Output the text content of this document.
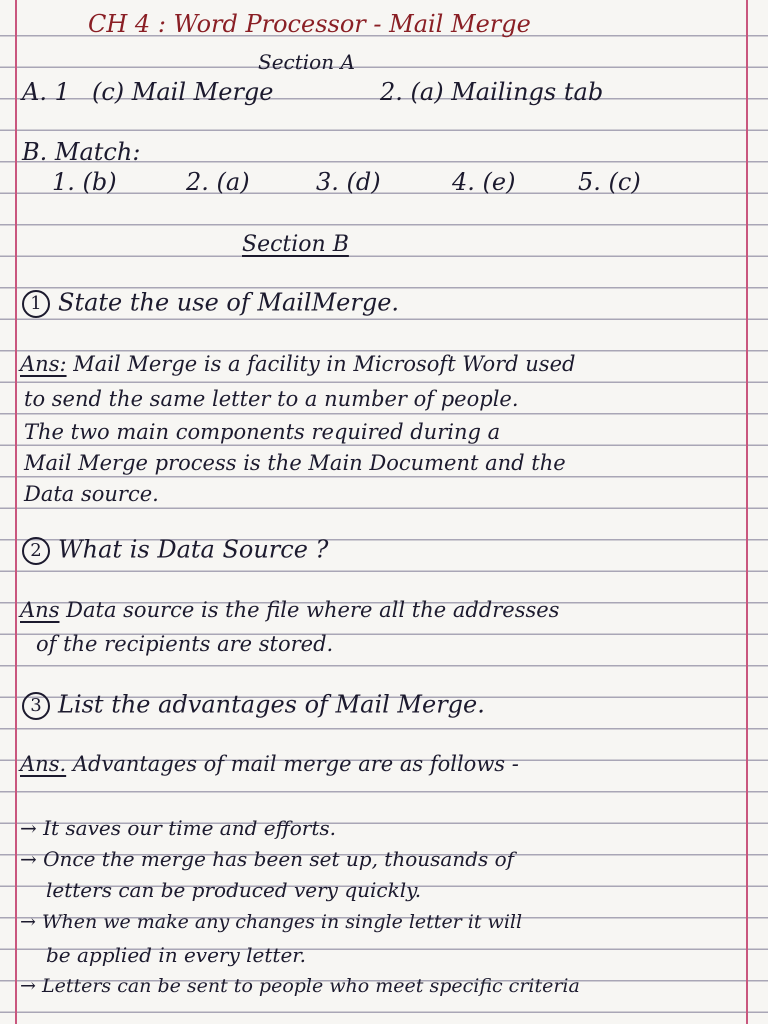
CH 4 : Word Processor - Mail Merge
Section A
A. 1 (c) Mail Merge	2. (a) Mailings tab
B. Match:
1. (b)	2. (a)	3. (d)	4. (e)	5. (c)
Section B
1 State the use of MailMerge.
Ans: Mail Merge is a facility in Microsoft Word used
to send the same letter to a number of people.
The two main components required during a
Mail Merge process is the Main Document and the
Data source.
2 What is Data Source ?
Ans Data source is the file where all the addresses
of the recipients are stored.
3 List the advantages of Mail Merge.
Ans. Advantages of mail merge are as follows -
→ It saves our time and efforts.
→ Once the merge has been set up, thousands of
letters can be produced very quickly.
→ When we make any changes in single letter it will
be applied in every letter.
→ Letters can be sent to people who meet specific criteria
